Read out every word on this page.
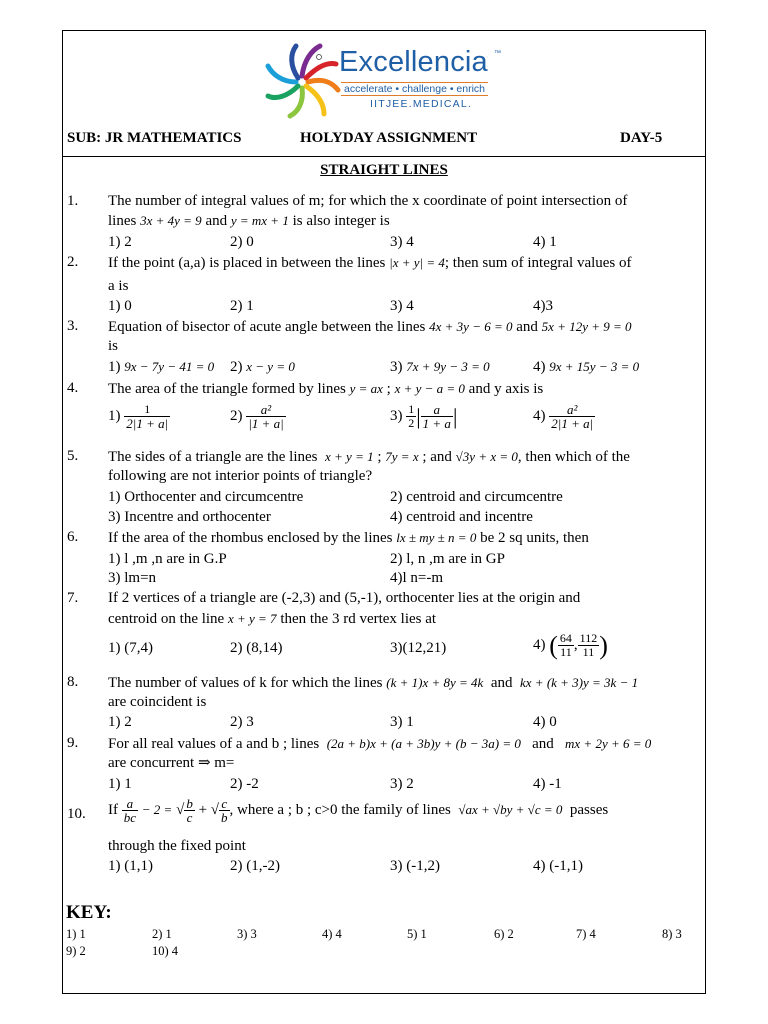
Excellencia ™
accelerate • challenge • enrich
IITJEE.MEDICAL.
SUB: JR MATHEMATICS	HOLYDAY ASSIGNMENT	DAY-5
STRAIGHT LINES
1. The number of integral values of m; for which the x coordinate of point intersection of
lines 3x + 4y = 9 and y = mx + 1 is also integer is
1) 2	2) 0	3) 4	4) 1
2. If the point (a,a) is placed in between the lines |x + y| = 4; then sum of integral values of
a is
1) 0	2) 1	3) 4	4)3
3. Equation of bisector of acute angle between the lines 4x + 3y − 6 = 0 and 5x + 12y + 9 = 0
is
1) 9x − 7y − 41 = 0 2) x − y = 0	3) 7x + 9y − 3 = 0	4) 9x + 15y − 3 = 0
4. The area of the triangle formed by lines y = ax ; x + y − a = 0 and y axis is
$1) \frac{1}{2|1 + a|}$	$2) \frac{\text{a²}}{|1 + a|}$	$3) \frac{1}{2}$ | $\frac{a}{1 + a}$ |	$4) \frac{\text{a²}}{2|1 + a|}$
5. The sides of a triangle are the lines x + y = 1 ; 7y = x ; and √3y + x = 0, then which of the
following are not interior points of triangle?
1) Orthocenter and circumcentre	2) centroid and circumcentre
3) Incentre and orthocenter	4) centroid and incentre
6. If the area of the rhombus enclosed by the lines lx ± my ± n = 0 be 2 sq units, then
1) l ,m ,n are in G.P	2) l, n ,m are in GP
3) lm=n	4)l n=-m
7. If 2 vertices of a triangle are (-2,3) and (5,-1), orthocenter lies at the origin and
centroid on the line x + y = 7 then the 3 rd vertex lies at
1) (7,4)	2) (8,14)	3)(12,21)	4) ( $\frac{64}{11}$ , $\frac{112}{11}$ )
8. The number of values of k for which the lines (k + 1)x + 8y = 4k and kx + (k + 3)y = 3k − 1
are coincident is
1) 2	2) 3	3) 1	4) 0
9. For all real values of a and b ; lines (2a + b)x + (a + 3b)y + (b − 3a) = 0 and mx + 2y + 6 = 0
are concurrent ⇒ m=
1) 1	2) -2	3) 2	4) -1
10. If $\frac{a}{bc} - 2$ = √ $\frac{b}{c}$ + √ $\frac{c}{b}$ , where a ; b ; c>0 the family of lines √ax + √by + √c = 0 passes
through the fixed point
1) (1,1)	2) (1,-2)	3) (-1,2)	4) (-1,1)
KEY:
1) 1	2) 1	3) 3	4) 4	5) 1	6) 2	7) 4	8) 3
9) 2	10) 4
